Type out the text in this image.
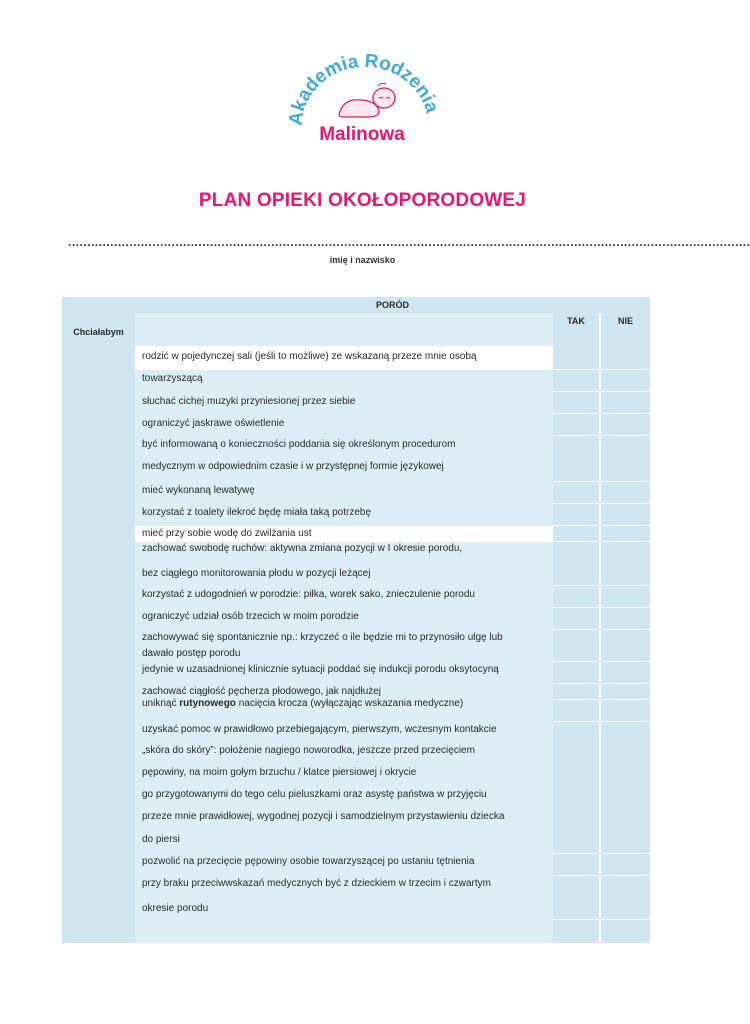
Akademia Rodzenia
Malinowa
PLAN OPIEKI OKOŁOPORODOWEJ
..................................................................................................................................................................................
imię i nazwisko
PORÓD
Chciałabym
TAK	NIE
rodzić w pojedynczej sali (jeśli to możliwe) ze wskazaną przeze mnie osobą
towarzyszącą
słuchać cichej muzyki przyniesionej przez siebie
ograniczyć jaskrawe oświetlenie
być informowaną o konieczności poddania się określonym procedurom
medycznym w odpowiednim czasie i w przystępnej formie językowej
mieć wykonaną lewatywę
korzystać z toalety ilekroć będę miała taką potrzebę
mieć przy sobie wodę do zwilżania ust
zachować swobodę ruchów: aktywna zmiana pozycji w I okresie porodu,
bez ciągłego monitorowania płodu w pozycji leżącej
korzystać z udogodnień w porodzie: piłka, worek sako, znieczulenie porodu
ograniczyć udział osób trzecich w moim porodzie
zachowywać się spontanicznie np.: krzyczeć o ile będzie mi to przynosiło ulgę lub
dawało postęp porodu
jedynie w uzasadnionej klinicznie sytuacji poddać się indukcji porodu oksytocyną
zachować ciągłość pęcherza płodowego, jak najdłużej
uzyskać pomoc w prawidłowo przebiegającym, pierwszym, wczesnym kontakcie
„skóra do skóry”: położenie nagiego noworodka, jeszcze przed przecięciem
pępowiny, na moim gołym brzuchu / klatce piersiowej i okrycie
go przygotowanymi do tego celu pieluszkami oraz asystę państwa w przyjęciu
przeze mnie prawidłowej, wygodnej pozycji i samodzielnym przystawieniu dziecka
do piersi
pozwolić na przecięcie pępowiny osobie towarzyszącej po ustaniu tętnienia
przy braku przeciwwskazań medycznych być z dzieckiem w trzecim i czwartym
okresie porodu
uniknąć rutynowego nacięcia krocza (wyłączając wskazania medyczne)
